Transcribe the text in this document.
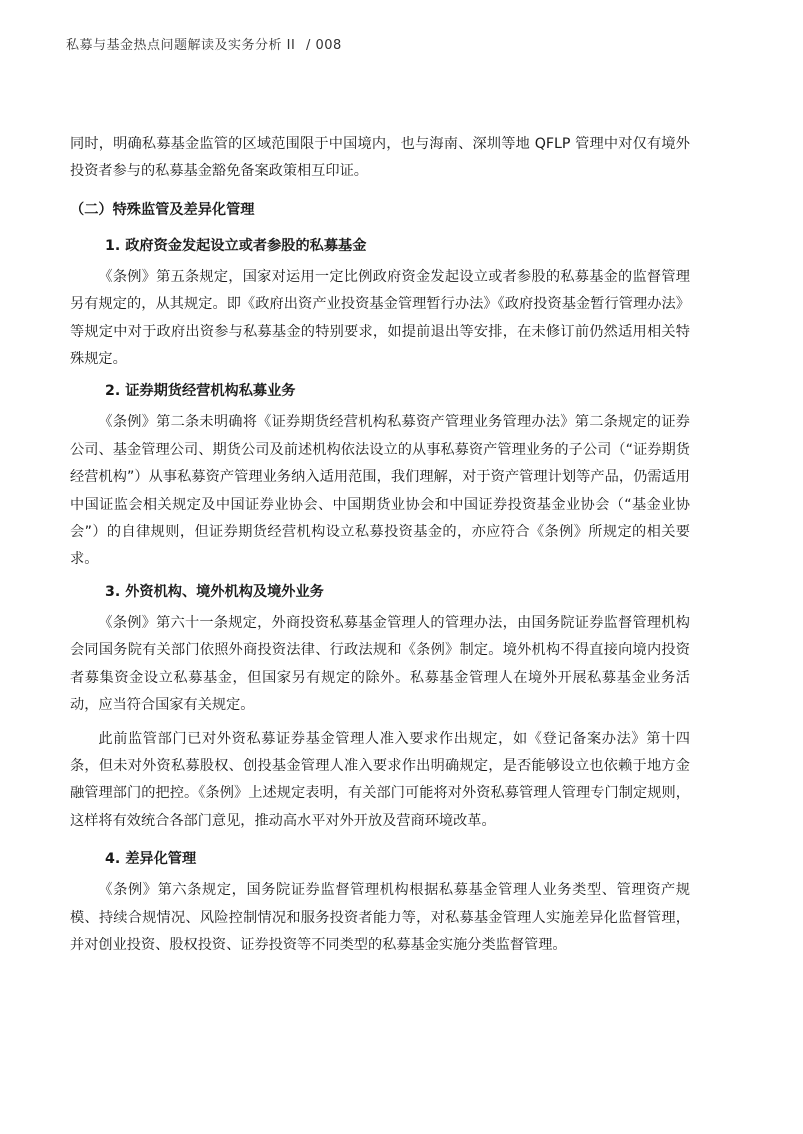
私募与基金热点问题解读及实务分析 II / 008

同时，明确私募基金监管的区域范围限于中国境内，也与海南、深圳等地 QFLP 管理中对仅有境外投资者参与的私募基金豁免备案政策相互印证。

（二）特殊监管及差异化管理
1. 政府资金发起设立或者参股的私募基金

《条例》第五条规定，国家对运用一定比例政府资金发起设立或者参股的私募基金的监督管理另有规定的，从其规定。即《政府出资产业投资基金管理暂行办法》《政府投资基金暂行管理办法》等规定中对于政府出资参与私募基金的特别要求，如提前退出等安排，在未修订前仍然适用相关特殊规定。

2. 证券期货经营机构私募业务

《条例》第二条未明确将《证券期货经营机构私募资产管理业务管理办法》第二条规定的证券公司、基金管理公司、期货公司及前述机构依法设立的从事私募资产管理业务的子公司（“证券期货经营机构”）从事私募资产管理业务纳入适用范围，我们理解，对于资产管理计划等产品，仍需适用中国证监会相关规定及中国证券业协会、中国期货业协会和中国证券投资基金业协会（“基金业协会”）的自律规则，但证券期货经营机构设立私募投资基金的，亦应符合《条例》所规定的相关要求。

3. 外资机构、境外机构及境外业务

《条例》第六十一条规定，外商投资私募基金管理人的管理办法，由国务院证券监督管理机构会同国务院有关部门依照外商投资法律、行政法规和《条例》制定。境外机构不得直接向境内投资者募集资金设立私募基金，但国家另有规定的除外。私募基金管理人在境外开展私募基金业务活动，应当符合国家有关规定。

此前监管部门已对外资私募证券基金管理人准入要求作出规定，如《登记备案办法》第十四条，但未对外资私募股权、创投基金管理人准入要求作出明确规定，是否能够设立也依赖于地方金融管理部门的把控。《条例》上述规定表明，有关部门可能将对外资私募管理人管理专门制定规则，这样将有效统合各部门意见，推动高水平对外开放及营商环境改革。

4. 差异化管理

《条例》第六条规定，国务院证券监督管理机构根据私募基金管理人业务类型、管理资产规模、持续合规情况、风险控制情况和服务投资者能力等，对私募基金管理人实施差异化监督管理，并对创业投资、股权投资、证券投资等不同类型的私募基金实施分类监督管理。
